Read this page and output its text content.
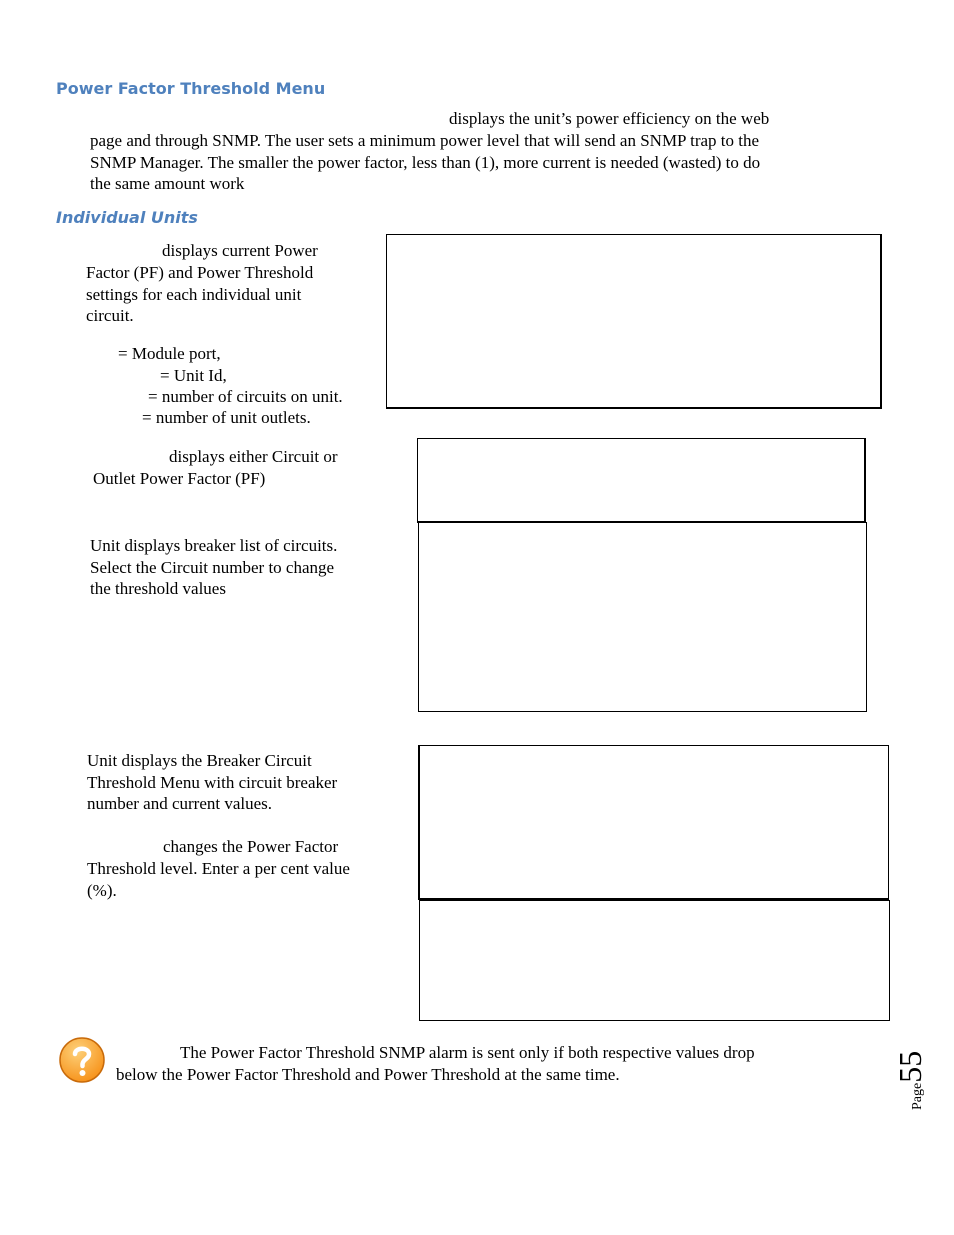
Power Factor Threshold Menu
displays the unit’s power efficiency on the web
page and through SNMP. The user sets a minimum power level that will send an SNMP trap to the
SNMP Manager. The smaller the power factor, less than (1), more current is needed (wasted) to do
the same amount work
Individual Units
displays current Power
Factor (PF) and Power Threshold
settings for each individual unit
circuit.
= Module port,
= Unit Id,
= number of circuits on unit.
= number of unit outlets.
displays either Circuit or
Outlet Power Factor (PF)
Unit displays breaker list of circuits.
Select the Circuit number to change
the threshold values
Unit displays the Breaker Circuit
Threshold Menu with circuit breaker
number and current values.
changes the Power Factor
Threshold level. Enter a per cent value
(%).
The Power Factor Threshold SNMP alarm is sent only if both respective values drop
below the Power Factor Threshold and Power Threshold at the same time.
Page55
